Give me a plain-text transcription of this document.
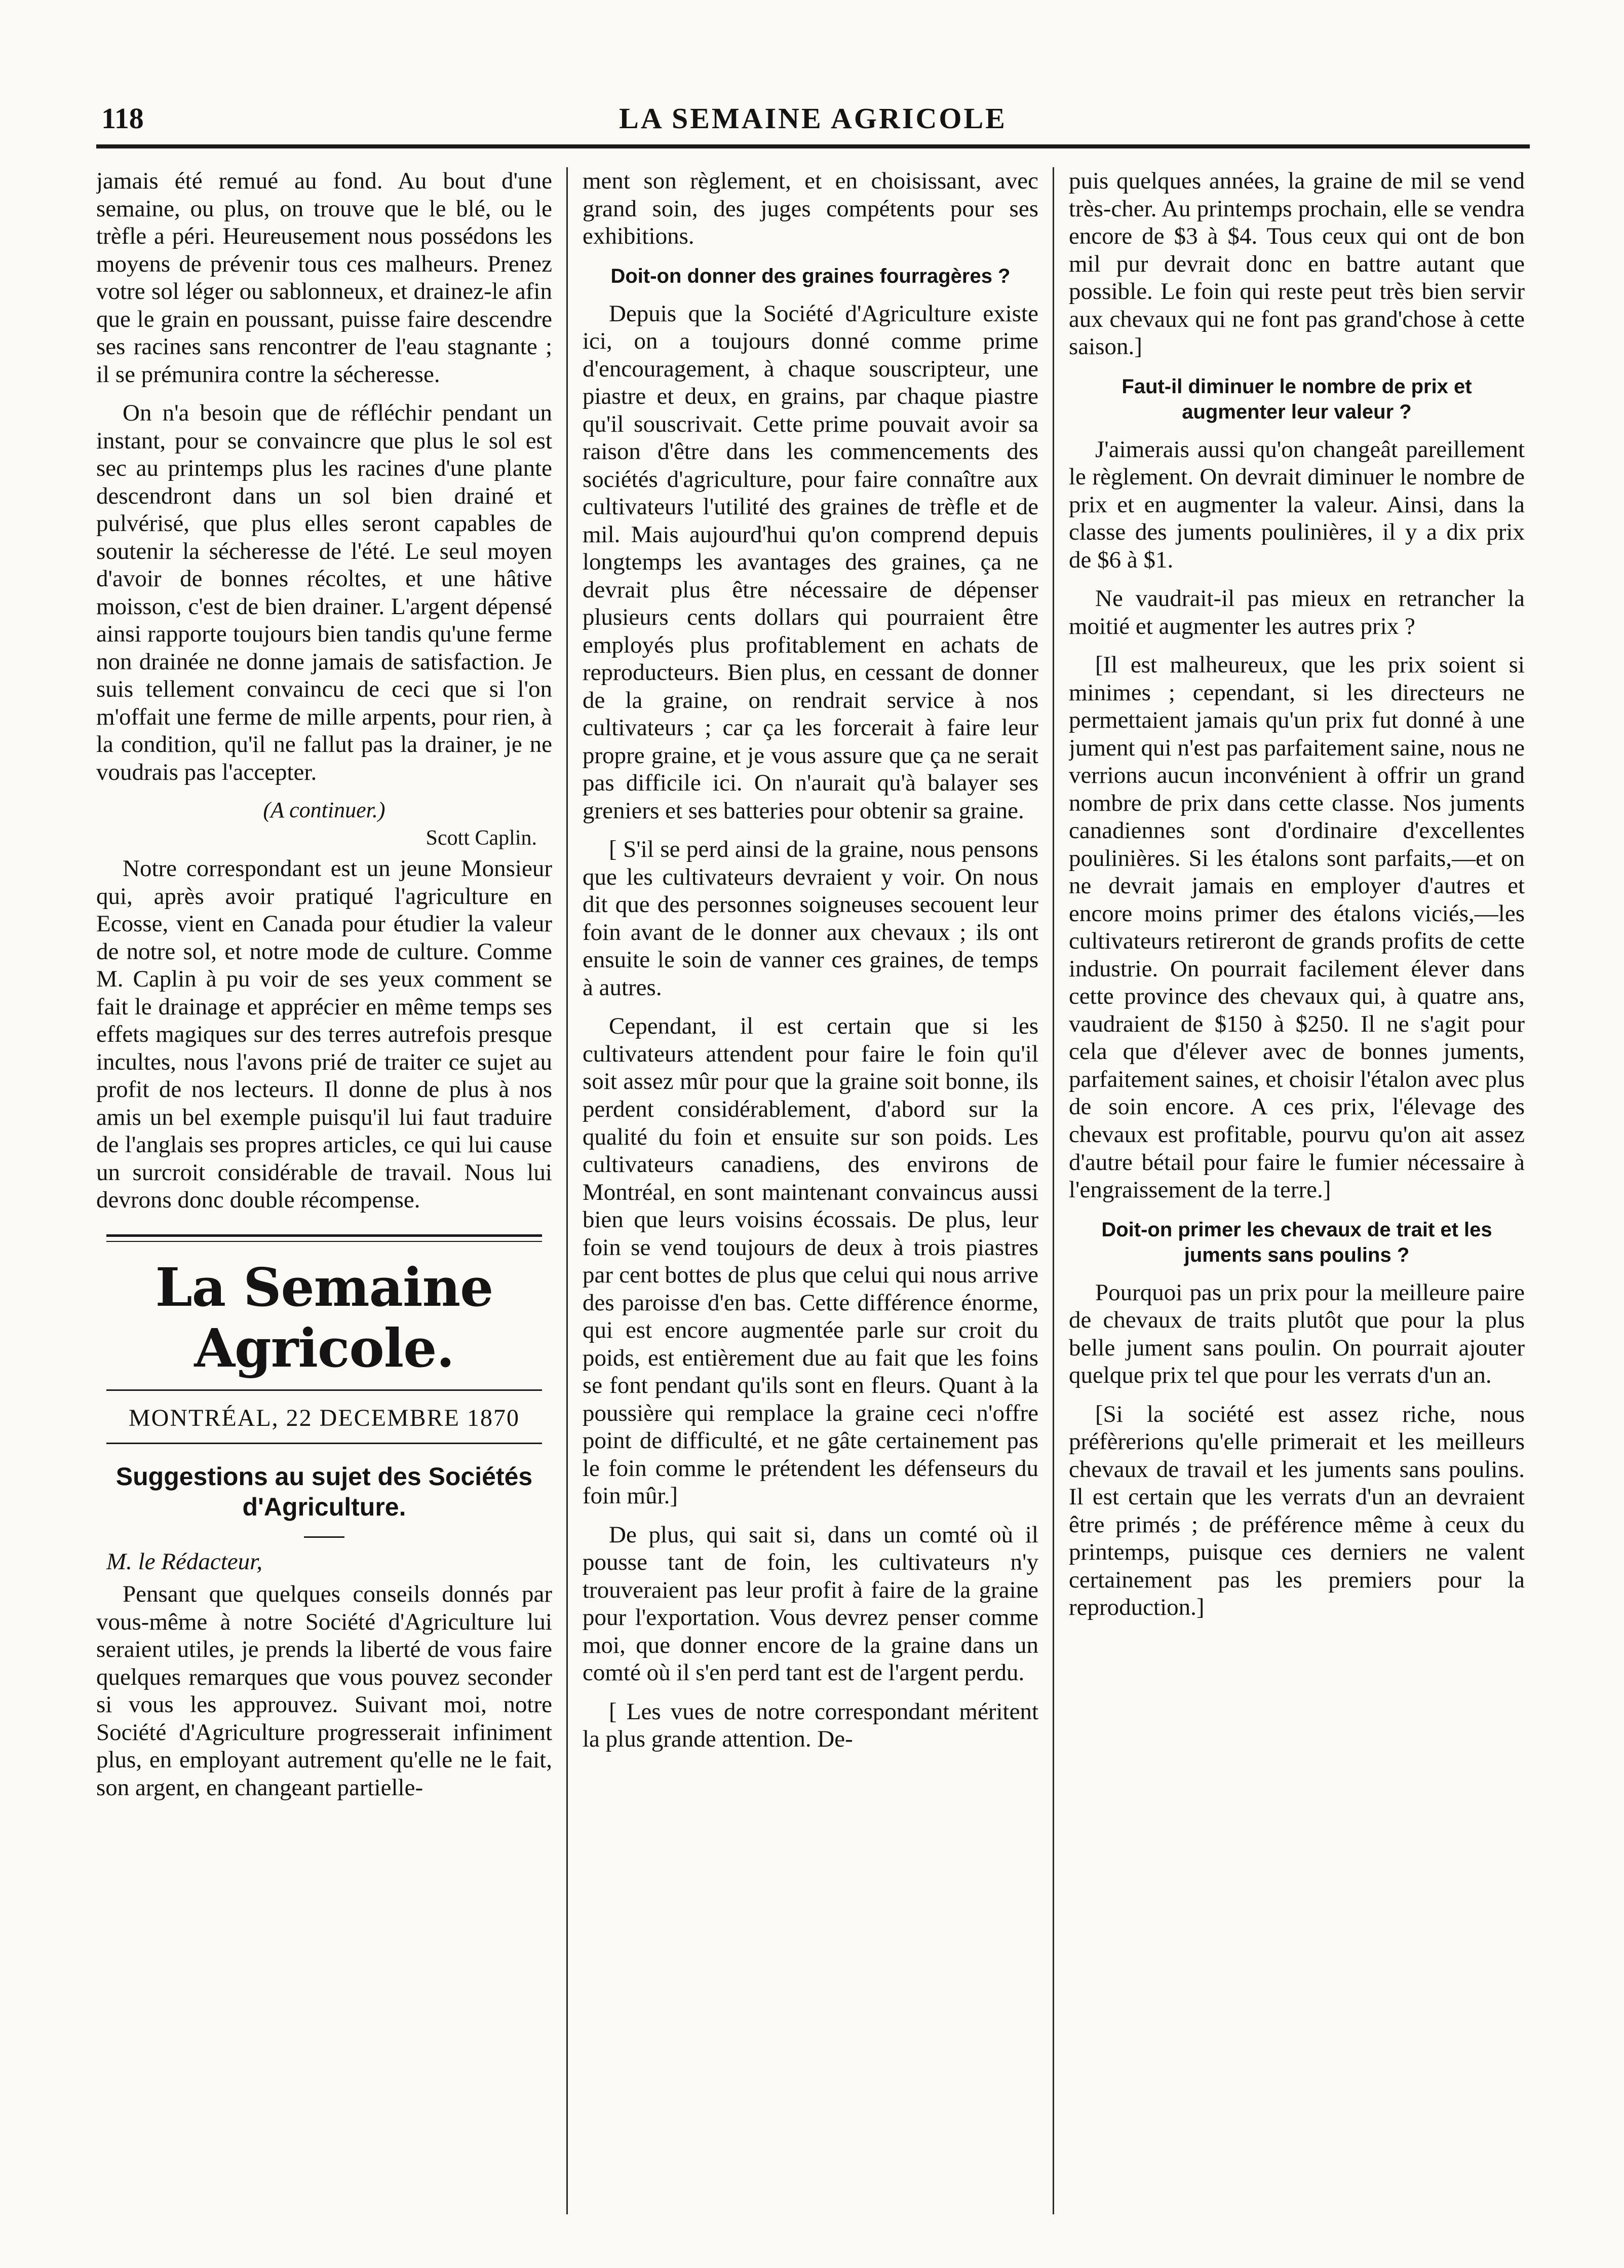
118	LA SEMAINE AGRICOLE

jamais été remué au fond. Au bout d'une semaine, ou plus, on trouve que le blé, ou le trèfle a péri. Heureusement nous possédons les moyens de prévenir tous ces malheurs. Prenez votre sol léger ou sablonneux, et drainez-le afin que le grain en poussant, puisse faire descendre ses racines sans rencontrer de l'eau stagnante ; il se prémunira contre la sécheresse.

On n'a besoin que de réfléchir pendant un instant, pour se convaincre que plus le sol est sec au printemps plus les racines d'une plante descendront dans un sol bien drainé et pulvérisé, que plus elles seront capables de soutenir la sécheresse de l'été. Le seul moyen d'avoir de bonnes récoltes, et une hâtive moisson, c'est de bien drainer. L'argent dépensé ainsi rapporte toujours bien tandis qu'une ferme non drainée ne donne jamais de satisfaction. Je suis tellement convaincu de ceci que si l'on m'offait une ferme de mille arpents, pour rien, à la condition, qu'il ne fallut pas la drainer, je ne voudrais pas l'accepter.

(A continuer.)
Scott Caplin.

Notre correspondant est un jeune Monsieur qui, après avoir pratiqué l'agriculture en Ecosse, vient en Canada pour étudier la valeur de notre sol, et notre mode de culture. Comme M. Caplin à pu voir de ses yeux comment se fait le drainage et apprécier en même temps ses effets magiques sur des terres autrefois presque incultes, nous l'avons prié de traiter ce sujet au profit de nos lecteurs. Il donne de plus à nos amis un bel exemple puisqu'il lui faut traduire de l'anglais ses propres articles, ce qui lui cause un surcroit considérable de travail. Nous lui devrons donc double récompense.

La Semaine Agricole.
MONTRÉAL, 22 DECEMBRE 1870
Suggestions au sujet des Sociétés d'Agriculture.
M. le Rédacteur,

Pensant que quelques conseils donnés par vous-même à notre Société d'Agriculture lui seraient utiles, je prends la liberté de vous faire quelques remarques que vous pouvez seconder si vous les approuvez. Suivant moi, notre Société d'Agriculture progresserait infiniment plus, en employant autrement qu'elle ne le fait, son argent, en changeant partielle-

ment son règlement, et en choisissant, avec grand soin, des juges compétents pour ses exhibitions.

Doit-on donner des graines fourragères ?

Depuis que la Société d'Agriculture existe ici, on a toujours donné comme prime d'encouragement, à chaque souscripteur, une piastre et deux, en grains, par chaque piastre qu'il souscrivait. Cette prime pouvait avoir sa raison d'être dans les commencements des sociétés d'agriculture, pour faire connaître aux cultivateurs l'utilité des graines de trèfle et de mil. Mais aujourd'hui qu'on comprend depuis longtemps les avantages des graines, ça ne devrait plus être nécessaire de dépenser plusieurs cents dollars qui pourraient être employés plus profitablement en achats de reproducteurs. Bien plus, en cessant de donner de la graine, on rendrait service à nos cultivateurs ; car ça les forcerait à faire leur propre graine, et je vous assure que ça ne serait pas difficile ici. On n'aurait qu'à balayer ses greniers et ses batteries pour obtenir sa graine.

[ S'il se perd ainsi de la graine, nous pensons que les cultivateurs devraient y voir. On nous dit que des personnes soigneuses secouent leur foin avant de le donner aux chevaux ; ils ont ensuite le soin de vanner ces graines, de temps à autres.

Cependant, il est certain que si les cultivateurs attendent pour faire le foin qu'il soit assez mûr pour que la graine soit bonne, ils perdent considérablement, d'abord sur la qualité du foin et ensuite sur son poids. Les cultivateurs canadiens, des environs de Montréal, en sont maintenant convaincus aussi bien que leurs voisins écossais. De plus, leur foin se vend toujours de deux à trois piastres par cent bottes de plus que celui qui nous arrive des paroisse d'en bas. Cette différence énorme, qui est encore augmentée parle sur croit du poids, est entièrement due au fait que les foins se font pendant qu'ils sont en fleurs. Quant à la poussière qui remplace la graine ceci n'offre point de difficulté, et ne gâte certainement pas le foin comme le prétendent les défenseurs du foin mûr.]

De plus, qui sait si, dans un comté où il pousse tant de foin, les cultivateurs n'y trouveraient pas leur profit à faire de la graine pour l'exportation. Vous devrez penser comme moi, que donner encore de la graine dans un comté où il s'en perd tant est de l'argent perdu.

[ Les vues de notre correspondant méritent la plus grande attention. De-

puis quelques années, la graine de mil se vend très-cher. Au printemps prochain, elle se vendra encore de $3 à $4. Tous ceux qui ont de bon mil pur devrait donc en battre autant que possible. Le foin qui reste peut très bien servir aux chevaux qui ne font pas grand'chose à cette saison.]

Faut-il diminuer le nombre de prix et augmenter leur valeur ?

J'aimerais aussi qu'on changeât pareillement le règlement. On devrait diminuer le nombre de prix et en augmenter la valeur. Ainsi, dans la classe des juments poulinières, il y a dix prix de $6 à $1.

Ne vaudrait-il pas mieux en retrancher la moitié et augmenter les autres prix ?

[Il est malheureux, que les prix soient si minimes ; cependant, si les directeurs ne permettaient jamais qu'un prix fut donné à une jument qui n'est pas parfaitement saine, nous ne verrions aucun inconvénient à offrir un grand nombre de prix dans cette classe. Nos juments canadiennes sont d'ordinaire d'excellentes poulinières. Si les étalons sont parfaits,—et on ne devrait jamais en employer d'autres et encore moins primer des étalons viciés,—les cultivateurs retireront de grands profits de cette industrie. On pourrait facilement élever dans cette province des chevaux qui, à quatre ans, vaudraient de $150 à $250. Il ne s'agit pour cela que d'élever avec de bonnes juments, parfaitement saines, et choisir l'étalon avec plus de soin encore. A ces prix, l'élevage des chevaux est profitable, pourvu qu'on ait assez d'autre bétail pour faire le fumier nécessaire à l'engraissement de la terre.]

Doit-on primer les chevaux de trait et les juments sans poulins ?

Pourquoi pas un prix pour la meilleure paire de chevaux de traits plutôt que pour la plus belle jument sans poulin. On pourrait ajouter quelque prix tel que pour les verrats d'un an.

[Si la société est assez riche, nous préfèrerions qu'elle primerait et les meilleurs chevaux de travail et les juments sans poulins. Il est certain que les verrats d'un an devraient être primés ; de préférence même à ceux du printemps, puisque ces derniers ne valent certainement pas les premiers pour la reproduction.]
